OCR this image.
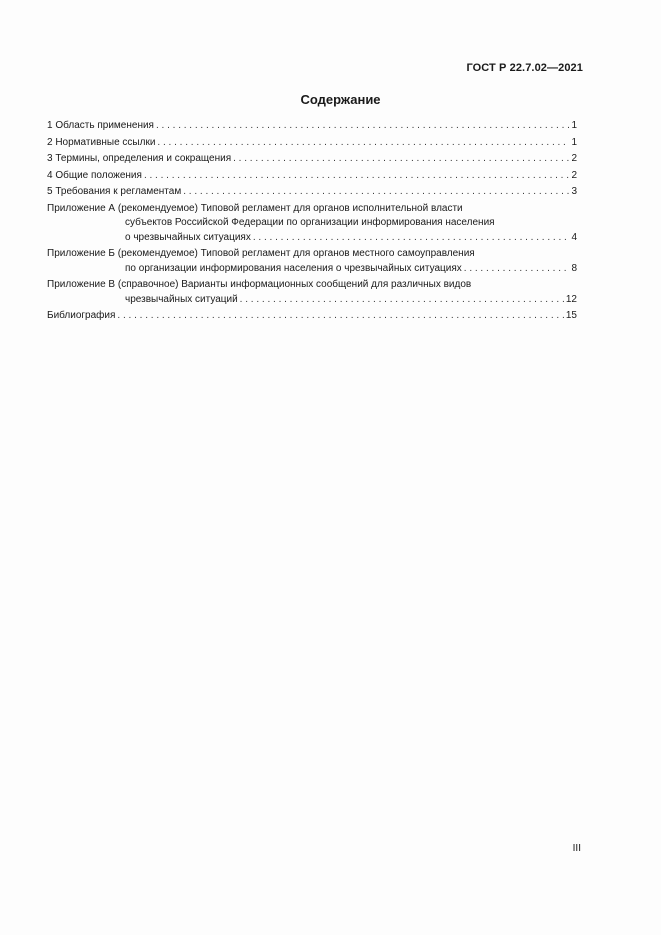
ГОСТ Р 22.7.02—2021
Содержание
1 Область применения . . .	1
2 Нормативные ссылки . . .	1
3 Термины, определения и сокращения . . .	2
4 Общие положения . . .	2
5 Требования к регламентам . . .	3
Приложение А (рекомендуемое) Типовой регламент для органов исполнительной власти
субъектов Российской Федерации по организации информирования населения
о чрезвычайных ситуациях . . .	4
Приложение Б (рекомендуемое) Типовой регламент для органов местного самоуправления
по организации информирования населения о чрезвычайных ситуациях . . .	8
Приложение В (справочное) Варианты информационных сообщений для различных видов
чрезвычайных ситуаций . . .	12
Библиография . . .	15
III
